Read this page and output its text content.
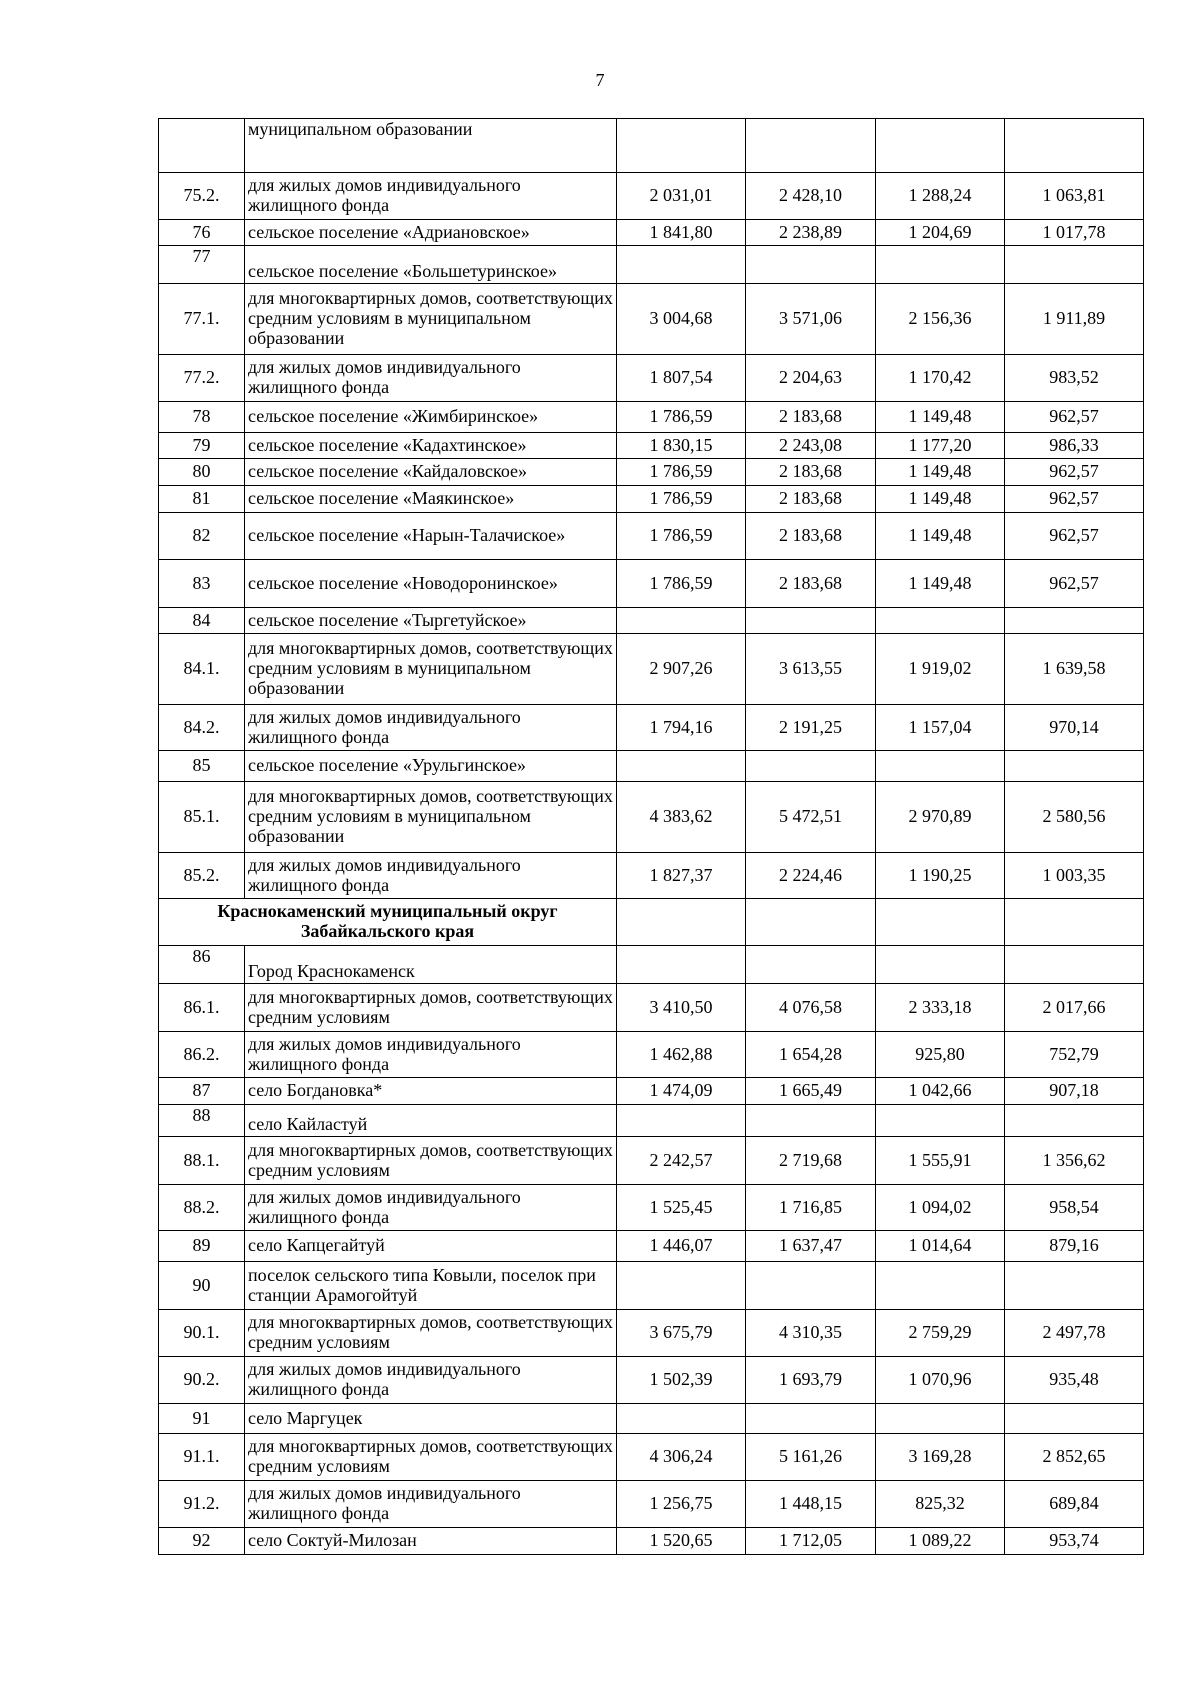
7
	муниципальном образовании				
75.2.	для жилых домов индивидуального жилищного фонда	2 031,01	2 428,10	1 288,24	1 063,81
76	сельское поселение «Адриановское»	1 841,80	2 238,89	1 204,69	1 017,78
77	сельское поселение «Большетуринское»				
77.1.	для многоквартирных домов, соответствующих средним условиям в муниципальном образовании	3 004,68	3 571,06	2 156,36	1 911,89
77.2.	для жилых домов индивидуального жилищного фонда	1 807,54	2 204,63	1 170,42	983,52
78	сельское поселение «Жимбиринское»	1 786,59	2 183,68	1 149,48	962,57
79	сельское поселение «Кадахтинское»	1 830,15	2 243,08	1 177,20	986,33
80	сельское поселение «Кайдаловское»	1 786,59	2 183,68	1 149,48	962,57
81	сельское поселение «Маякинское»	1 786,59	2 183,68	1 149,48	962,57
82	сельское поселение «Нарын-Талачиское»	1 786,59	2 183,68	1 149,48	962,57
83	сельское поселение «Новодоронинское»	1 786,59	2 183,68	1 149,48	962,57
84	сельское поселение «Тыргетуйское»				
84.1.	для многоквартирных домов, соответствующих средним условиям в муниципальном образовании	2 907,26	3 613,55	1 919,02	1 639,58
84.2.	для жилых домов индивидуального жилищного фонда	1 794,16	2 191,25	1 157,04	970,14
85	сельское поселение «Урульгинское»				
85.1.	для многоквартирных домов, соответствующих средним условиям в муниципальном образовании	4 383,62	5 472,51	2 970,89	2 580,56
85.2.	для жилых домов индивидуального жилищного фонда	1 827,37	2 224,46	1 190,25	1 003,35
Краснокаменский муниципальный округ Забайкальского края					
86	Город Краснокаменск				
86.1.	для многоквартирных домов, соответствующих средним условиям	3 410,50	4 076,58	2 333,18	2 017,66
86.2.	для жилых домов индивидуального жилищного фонда	1 462,88	1 654,28	925,80	752,79
87	село Богдановка*	1 474,09	1 665,49	1 042,66	907,18
88	село Кайластуй				
88.1.	для многоквартирных домов, соответствующих средним условиям	2 242,57	2 719,68	1 555,91	1 356,62
88.2.	для жилых домов индивидуального жилищного фонда	1 525,45	1 716,85	1 094,02	958,54
89	село Капцегайтуй	1 446,07	1 637,47	1 014,64	879,16
90	поселок сельского типа Ковыли, поселок при станции Арамогойтуй				
90.1.	для многоквартирных домов, соответствующих средним условиям	3 675,79	4 310,35	2 759,29	2 497,78
90.2.	для жилых домов индивидуального жилищного фонда	1 502,39	1 693,79	1 070,96	935,48
91	село Маргуцек				
91.1.	для многоквартирных домов, соответствующих средним условиям	4 306,24	5 161,26	3 169,28	2 852,65
91.2.	для жилых домов индивидуального жилищного фонда	1 256,75	1 448,15	825,32	689,84
92	село Соктуй-Милозан	1 520,65	1 712,05	1 089,22	953,74
